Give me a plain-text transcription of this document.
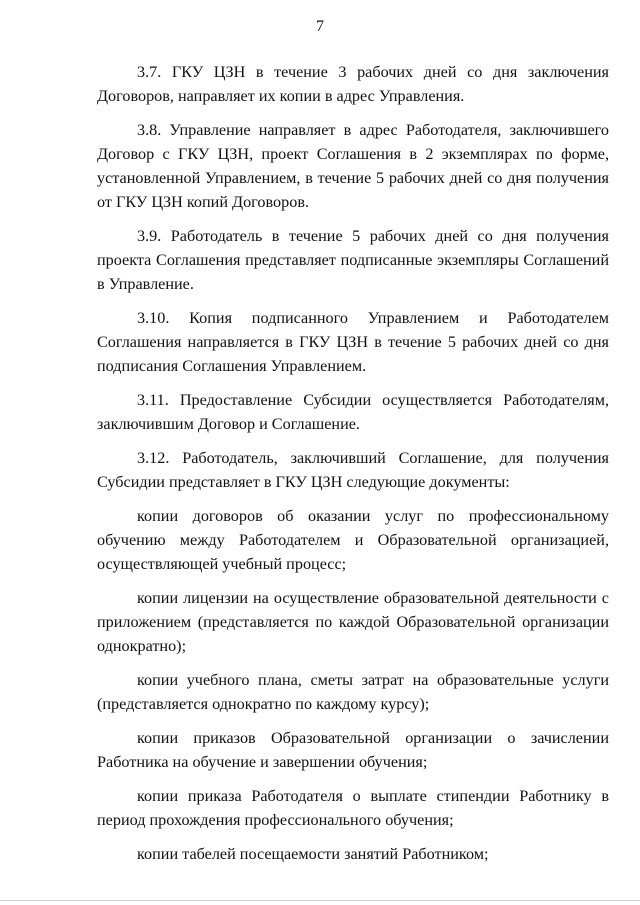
7

3.7. ГКУ ЦЗН в течение 3 рабочих дней со дня заключения Договоров, направляет их копии в адрес Управления.

3.8. Управление направляет в адрес Работодателя, заключившего Договор с ГКУ ЦЗН, проект Соглашения в 2 экземплярах по форме, установленной Управлением, в течение 5 рабочих дней со дня получения от ГКУ ЦЗН копий Договоров.

3.9. Работодатель в течение 5 рабочих дней со дня получения проекта Соглашения представляет подписанные экземпляры Соглашений в Управление.

3.10. Копия подписанного Управлением и Работодателем Соглашения направляется в ГКУ ЦЗН в течение 5 рабочих дней со дня подписания Соглашения Управлением.

3.11. Предоставление Субсидии осуществляется Работодателям, заключившим Договор и Соглашение.

3.12. Работодатель, заключивший Соглашение, для получения Субсидии представляет в ГКУ ЦЗН следующие документы:

копии договоров об оказании услуг по профессиональному обучению между Работодателем и Образовательной организацией, осуществляющей учебный процесс;

копии лицензии на осуществление образовательной деятельности с приложением (представляется по каждой Образовательной организации однократно);

копии учебного плана, сметы затрат на образовательные услуги (представляется однократно по каждому курсу);

копии приказов Образовательной организации о зачислении Работника на обучение и завершении обучения;

копии приказа Работодателя о выплате стипендии Работнику в период прохождения профессионального обучения;

копии табелей посещаемости занятий Работником;
